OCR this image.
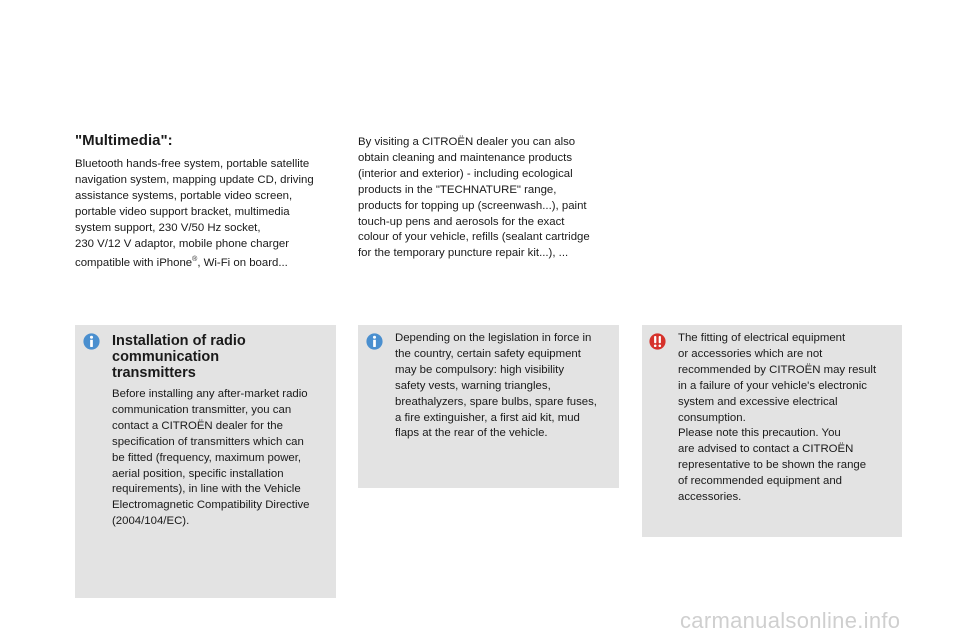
"Multimedia":

Bluetooth hands-free system, portable satellite
navigation system, mapping update CD, driving
assistance systems, portable video screen,
portable video support bracket, multimedia
system support, 230 V/50 Hz socket,
230 V/12 V adaptor, mobile phone charger
compatible with iPhone®, Wi-Fi on board...

By visiting a CITROËN dealer you can also
obtain cleaning and maintenance products
(interior and exterior) - including ecological
products in the "TECHNATURE" range,
products for topping up (screenwash...), paint
touch-up pens and aerosols for the exact
colour of your vehicle, refills (sealant cartridge
for the temporary puncture repair kit...), ...

Installation of radio
communication
transmitters

Before installing any after-market radio
communication transmitter, you can
contact a CITROËN dealer for the
specification of transmitters which can
be fitted (frequency, maximum power,
aerial position, specific installation
requirements), in line with the Vehicle
Electromagnetic Compatibility Directive
(2004/104/EC).

Depending on the legislation in force in
the country, certain safety equipment
may be compulsory: high visibility
safety vests, warning triangles,
breathalyzers, spare bulbs, spare fuses,
a fire extinguisher, a first aid kit, mud
flaps at the rear of the vehicle.

The fitting of electrical equipment
or accessories which are not
recommended by CITROËN may result
in a failure of your vehicle's electronic
system and excessive electrical
consumption.
Please note this precaution. You
are advised to contact a CITROËN
representative to be shown the range
of recommended equipment and
accessories.

carmanualsonline.info
